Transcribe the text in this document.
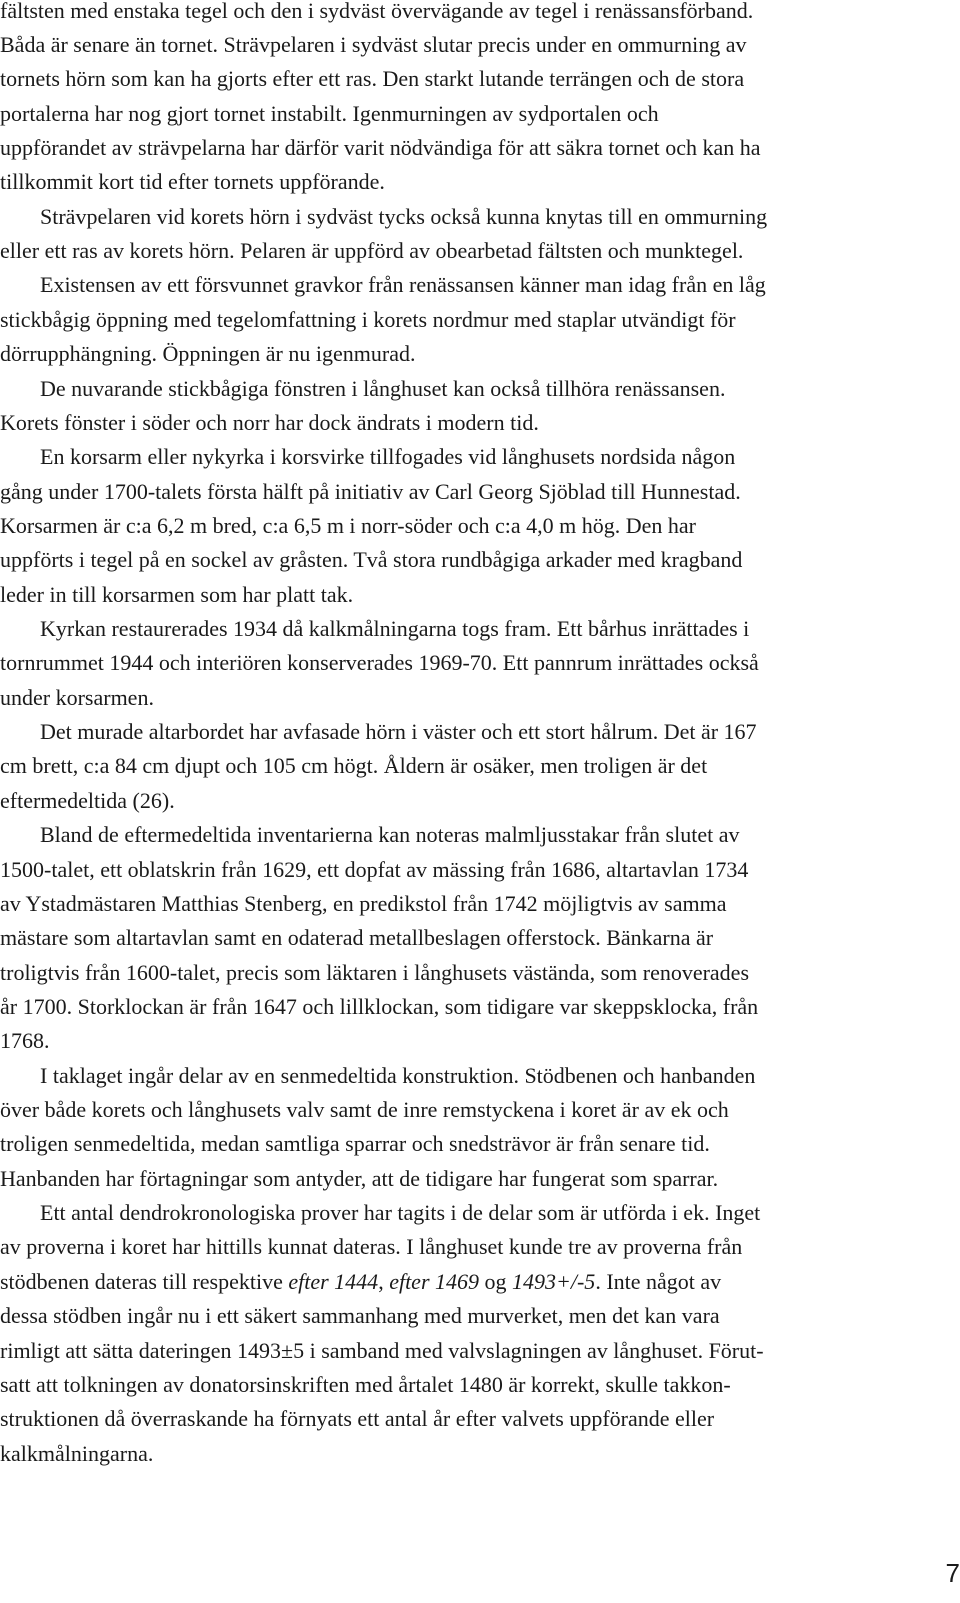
fältsten med enstaka tegel och den i sydväst övervägande av tegel i renässansförband.
Båda är senare än tornet. Strävpelaren i sydväst slutar precis under en ommurning av
tornets hörn som kan ha gjorts efter ett ras. Den starkt lutande terrängen och de stora
portalerna har nog gjort tornet instabilt. Igenmurningen av sydportalen och
uppförandet av strävpelarna har därför varit nödvändiga för att säkra tornet och kan ha
tillkommit kort tid efter tornets uppförande.
Strävpelaren vid korets hörn i sydväst tycks också kunna knytas till en ommurning
eller ett ras av korets hörn. Pelaren är uppförd av obearbetad fältsten och munktegel.
Existensen av ett försvunnet gravkor från renässansen känner man idag från en låg
stickbågig öppning med tegelomfattning i korets nordmur med staplar utvändigt för
dörrupphängning. Öppningen är nu igenmurad.
De nuvarande stickbågiga fönstren i långhuset kan också tillhöra renässansen.
Korets fönster i söder och norr har dock ändrats i modern tid.
En korsarm eller nykyrka i korsvirke tillfogades vid långhusets nordsida någon
gång under 1700-talets första hälft på initiativ av Carl Georg Sjöblad till Hunnestad.
Korsarmen är c:a 6,2 m bred, c:a 6,5 m i norr-söder och c:a 4,0 m hög. Den har
uppförts i tegel på en sockel av gråsten. Två stora rundbågiga arkader med kragband
leder in till korsarmen som har platt tak.
Kyrkan restaurerades 1934 då kalkmålningarna togs fram. Ett bårhus inrättades i
tornrummet 1944 och interiören konserverades 1969-70. Ett pannrum inrättades också
under korsarmen.
Det murade altarbordet har avfasade hörn i väster och ett stort hålrum. Det är 167
cm brett, c:a 84 cm djupt och 105 cm högt. Åldern är osäker, men troligen är det
eftermedeltida (26).
Bland de eftermedeltida inventarierna kan noteras malmljusstakar från slutet av
1500-talet, ett oblatskrin från 1629, ett dopfat av mässing från 1686, altartavlan 1734
av Ystadmästaren Matthias Stenberg, en predikstol från 1742 möjligtvis av samma
mästare som altartavlan samt en odaterad metallbeslagen offerstock. Bänkarna är
troligtvis från 1600-talet, precis som läktaren i långhusets västända, som renoverades
år 1700. Storklockan är från 1647 och lillklockan, som tidigare var skeppsklocka, från
1768.
I taklaget ingår delar av en senmedeltida konstruktion. Stödbenen och hanbanden
över både korets och långhusets valv samt de inre remstyckena i koret är av ek och
troligen senmedeltida, medan samtliga sparrar och snedsträvor är från senare tid.
Hanbanden har förtagningar som antyder, att de tidigare har fungerat som sparrar.
Ett antal dendrokronologiska prover har tagits i de delar som är utförda i ek. Inget
av proverna i koret har hittills kunnat dateras. I långhuset kunde tre av proverna från
stödbenen dateras till respektive efter 1444, efter 1469 og 1493+/-5. Inte något av
dessa stödben ingår nu i ett säkert sammanhang med murverket, men det kan vara
rimligt att sätta dateringen 1493±5 i samband med valvslagningen av långhuset. Förut-
satt att tolkningen av donatorsinskriften med årtalet 1480 är korrekt, skulle takkon-
struktionen då överraskande ha förnyats ett antal år efter valvets uppförande eller
kalkmålningarna.
7
